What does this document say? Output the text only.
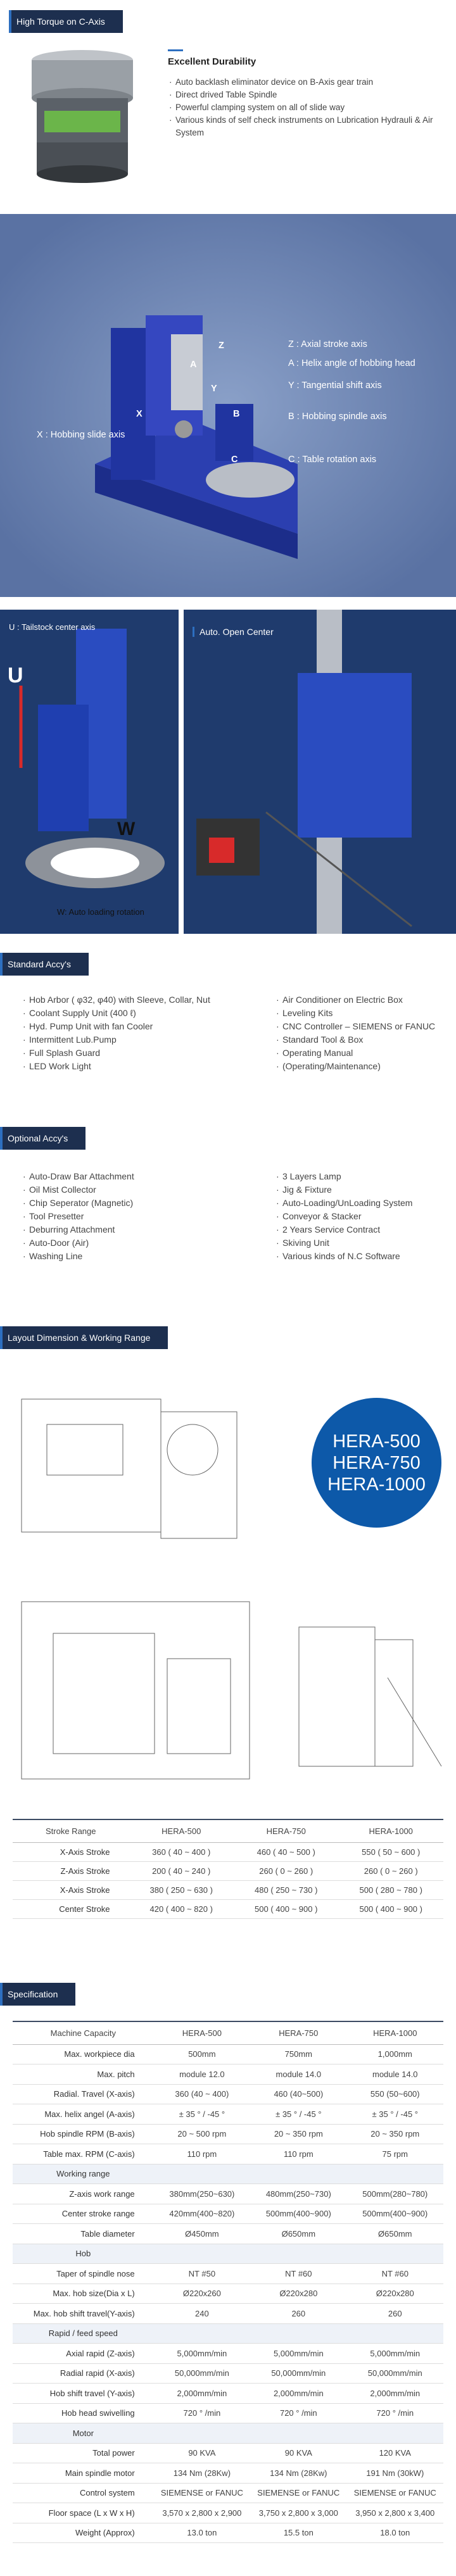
High Torque on C-Axis
Excellent Durability
· Auto backlash eliminator device on B-Axis gear train
· Direct drived Table Spindle
· Powerful clamping system on all of slide way
· Various kinds of self check instruments on Lubrication Hydrauli & Air System
Z : Axial stroke axis
A : Helix angle of hobbing head
Y : Tangential shift axis
B : Hobbing spindle axis
C : Table rotation axis
X : Hobbing slide axis
Z
A
Y
B
C
X
U : Tailstock center axis
U
W
W: Auto loading rotation
Auto. Open Center
Standard Accy's
· Hob Arbor ( φ32, φ40) with Sleeve, Collar, Nut
· Coolant Supply Unit (400 ℓ)
· Hyd. Pump Unit with fan Cooler
· Intermittent Lub.Pump
· Full Splash Guard
· LED Work Light
· Air Conditioner on Electric Box
· Leveling Kits
· CNC Controller – SIEMENS or FANUC
· Standard Tool & Box
· Operating Manual
· (Operating/Maintenance)
Optional Accy's
· Auto-Draw Bar Attachment
· Oil Mist Collector
· Chip Seperator (Magnetic)
· Tool Presetter
· Deburring Attachment
· Auto-Door (Air)
· Washing Line
· 3 Layers Lamp
· Jig & Fixture
· Auto-Loading/UnLoading System
· Conveyor & Stacker
· 2 Years Service Contract
· Skiving Unit
· Various kinds of N.C Software
Layout Dimension & Working Range
HERA-500
HERA-750
HERA-1000
Stroke Range	HERA-500	HERA-750	HERA-1000
X-Axis Stroke	360 ( 40 ~ 400 )	460 ( 40 ~ 500 )	550 ( 50 ~ 600 )
Z-Axis Stroke	200 ( 40 ~ 240 )	260 ( 0 ~ 260 )	260 ( 0 ~ 260 )
X-Axis Stroke	380 ( 250 ~ 630 )	480 ( 250 ~ 730 )	500 ( 280 ~ 780 )
Center Stroke	420 ( 400 ~ 820 )	500 ( 400 ~ 900 )	500 ( 400 ~ 900 )
Specification
Machine Capacity	HERA-500	HERA-750	HERA-1000
Max. workpiece dia	500mm	750mm	1,000mm
Max. pitch	module 12.0	module 14.0	module 14.0
Radial. Travel (X-axis)	360 (40 ~ 400)	460 (40~500)	550 (50~600)
Max. helix angel (A-axis)	± 35 ° / -45 °	± 35 ° / -45 °	± 35 ° / -45 °
Hob spindle RPM (B-axis)	20 ~ 500 rpm	20 ~ 350 rpm	20 ~ 350 rpm
Table max. RPM (C-axis)	110 rpm	110 rpm	75 rpm
Working range			
Z-axis work range	380mm(250~630)	480mm(250~730)	500mm(280~780)
Center stroke range	420mm(400~820)	500mm(400~900)	500mm(400~900)
Table diameter	Ø450mm	Ø650mm	Ø650mm
Hob			
Taper of spindle nose	NT #50	NT #60	NT #60
Max. hob size(Dia x L)	Ø220x260	Ø220x280	Ø220x280
Max. hob shift travel(Y-axis)	240	260	260
Rapid / feed speed			
Axial rapid (Z-axis)	5,000mm/min	5,000mm/min	5,000mm/min
Radial rapid (X-axis)	50,000mm/min	50,000mm/min	50,000mm/min
Hob shift travel (Y-axis)	2,000mm/min	2,000mm/min	2,000mm/min
Hob head swivelling	720 ° /min	720 ° /min	720 ° /min
Motor			
Total power	90 KVA	90 KVA	120 KVA
Main spindle motor	134 Nm (28Kw)	134 Nm (28Kw)	191 Nm (30kW)
Control system	SIEMENSE or FANUC	SIEMENSE or FANUC	SIEMENSE or FANUC
Floor space (L x W x H)	3,570 x 2,800 x 2,900	3,750 x 2,800 x 3,000	3,950 x 2,800 x 3,400
Weight (Approx)	13.0 ton	15.5 ton	18.0 ton
